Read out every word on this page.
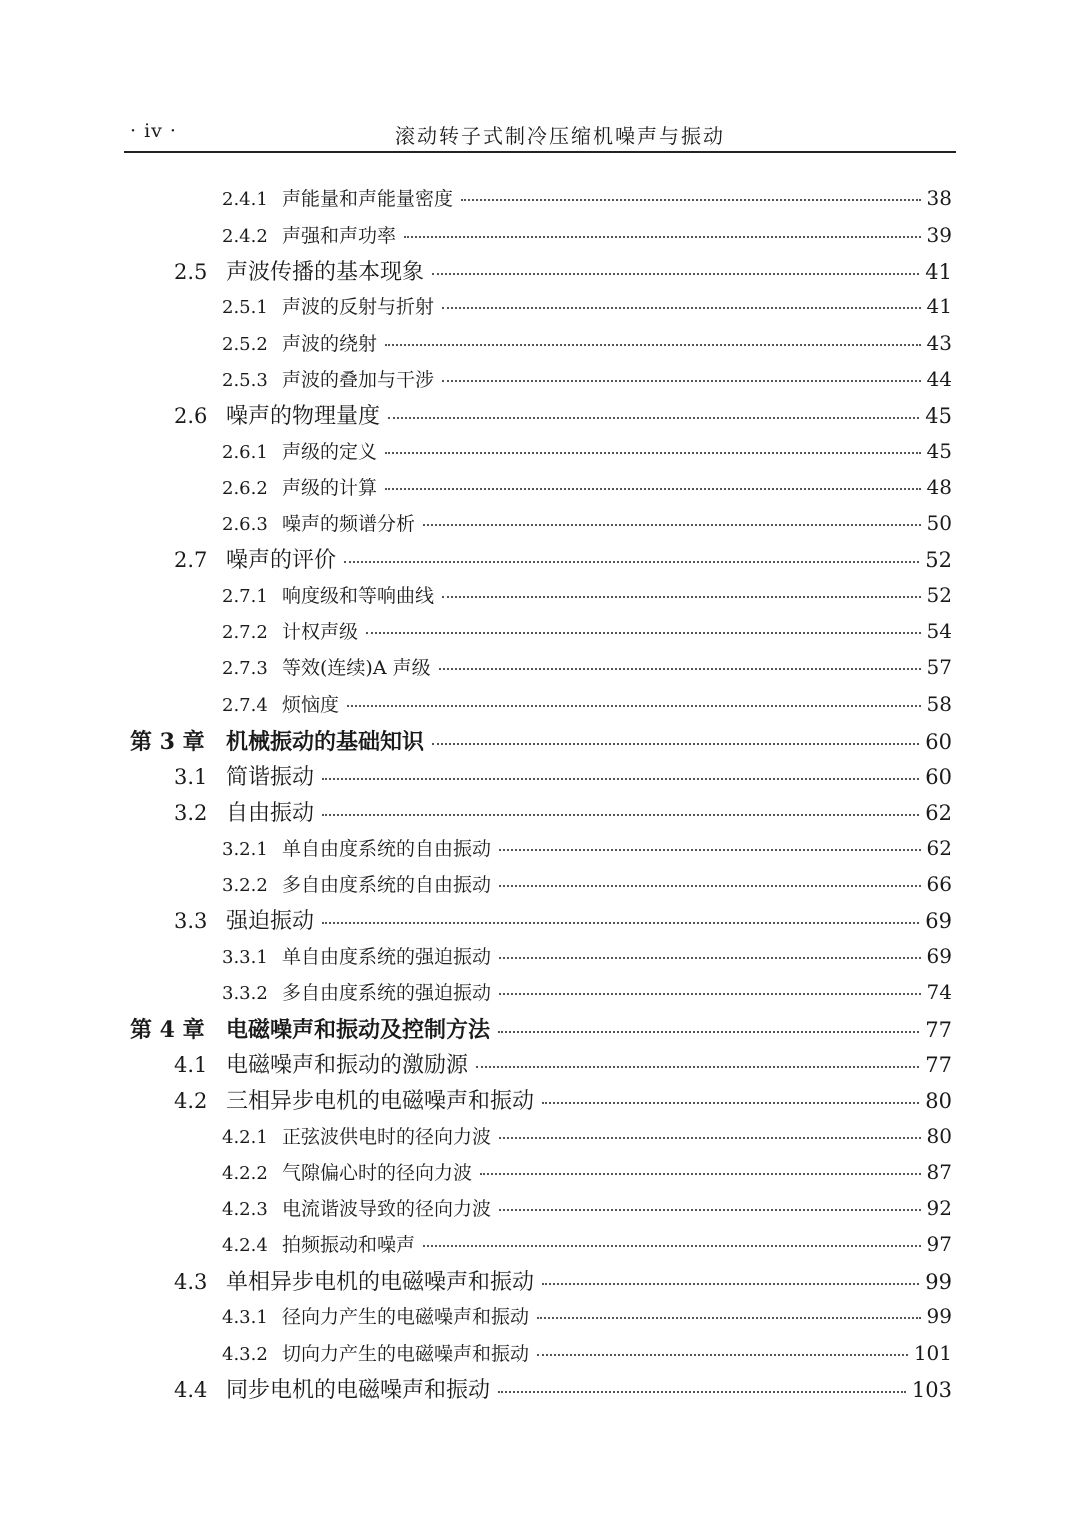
· iv ·	滚动转子式制冷压缩机噪声与振动
2.4.1 声能量和声能量密度	38
2.4.2 声强和声功率	39
2.5 声波传播的基本现象	41
2.5.1 声波的反射与折射	41
2.5.2 声波的绕射	43
2.5.3 声波的叠加与干涉	44
2.6 噪声的物理量度	45
2.6.1 声级的定义	45
2.6.2 声级的计算	48
2.6.3 噪声的频谱分析	50
2.7 噪声的评价	52
2.7.1 响度级和等响曲线	52
2.7.2 计权声级	54
2.7.3 等效(连续)A 声级	57
2.7.4 烦恼度	58
第 3 章 机械振动的基础知识	60
3.1 简谐振动	60
3.2 自由振动	62
3.2.1 单自由度系统的自由振动	62
3.2.2 多自由度系统的自由振动	66
3.3 强迫振动	69
3.3.1 单自由度系统的强迫振动	69
3.3.2 多自由度系统的强迫振动	74
第 4 章 电磁噪声和振动及控制方法	77
4.1 电磁噪声和振动的激励源	77
4.2 三相异步电机的电磁噪声和振动	80
4.2.1 正弦波供电时的径向力波	80
4.2.2 气隙偏心时的径向力波	87
4.2.3 电流谐波导致的径向力波	92
4.2.4 拍频振动和噪声	97
4.3 单相异步电机的电磁噪声和振动	99
4.3.1 径向力产生的电磁噪声和振动	99
4.3.2 切向力产生的电磁噪声和振动	101
4.4 同步电机的电磁噪声和振动	103
